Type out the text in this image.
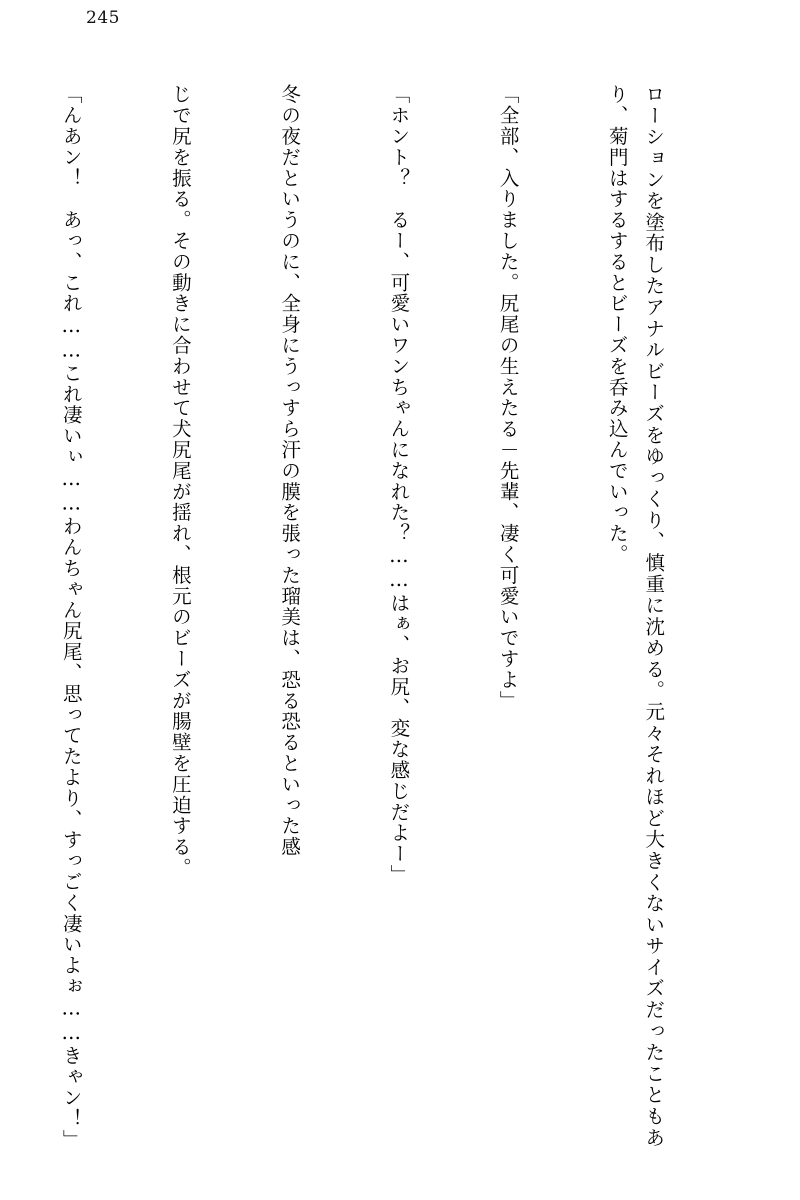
245

ローションを塗布したアナルビーズをゆっくり、慎重に沈める。元々それほど大きくないサイズだったこともあり、菊門はするするとビーズを呑み込んでいった。

「全部、入りました。尻尾の生えたる－先輩、凄く可愛いですよ」

「ホント？　るー、可愛いワンちゃんになれた？……はぁ、お尻、変な感じだよー」

冬の夜だというのに、全身にうっすら汗の膜を張った瑠美は、恐る恐るといった感

じで尻を振る。その動きに合わせて犬尻尾が揺れ、根元のビーズが腸壁を圧迫する。

「んあン！　あっ、これ……これ凄いぃ……わんちゃん尻尾、思ってたより、すっごく凄いよぉ……きゃン！」
